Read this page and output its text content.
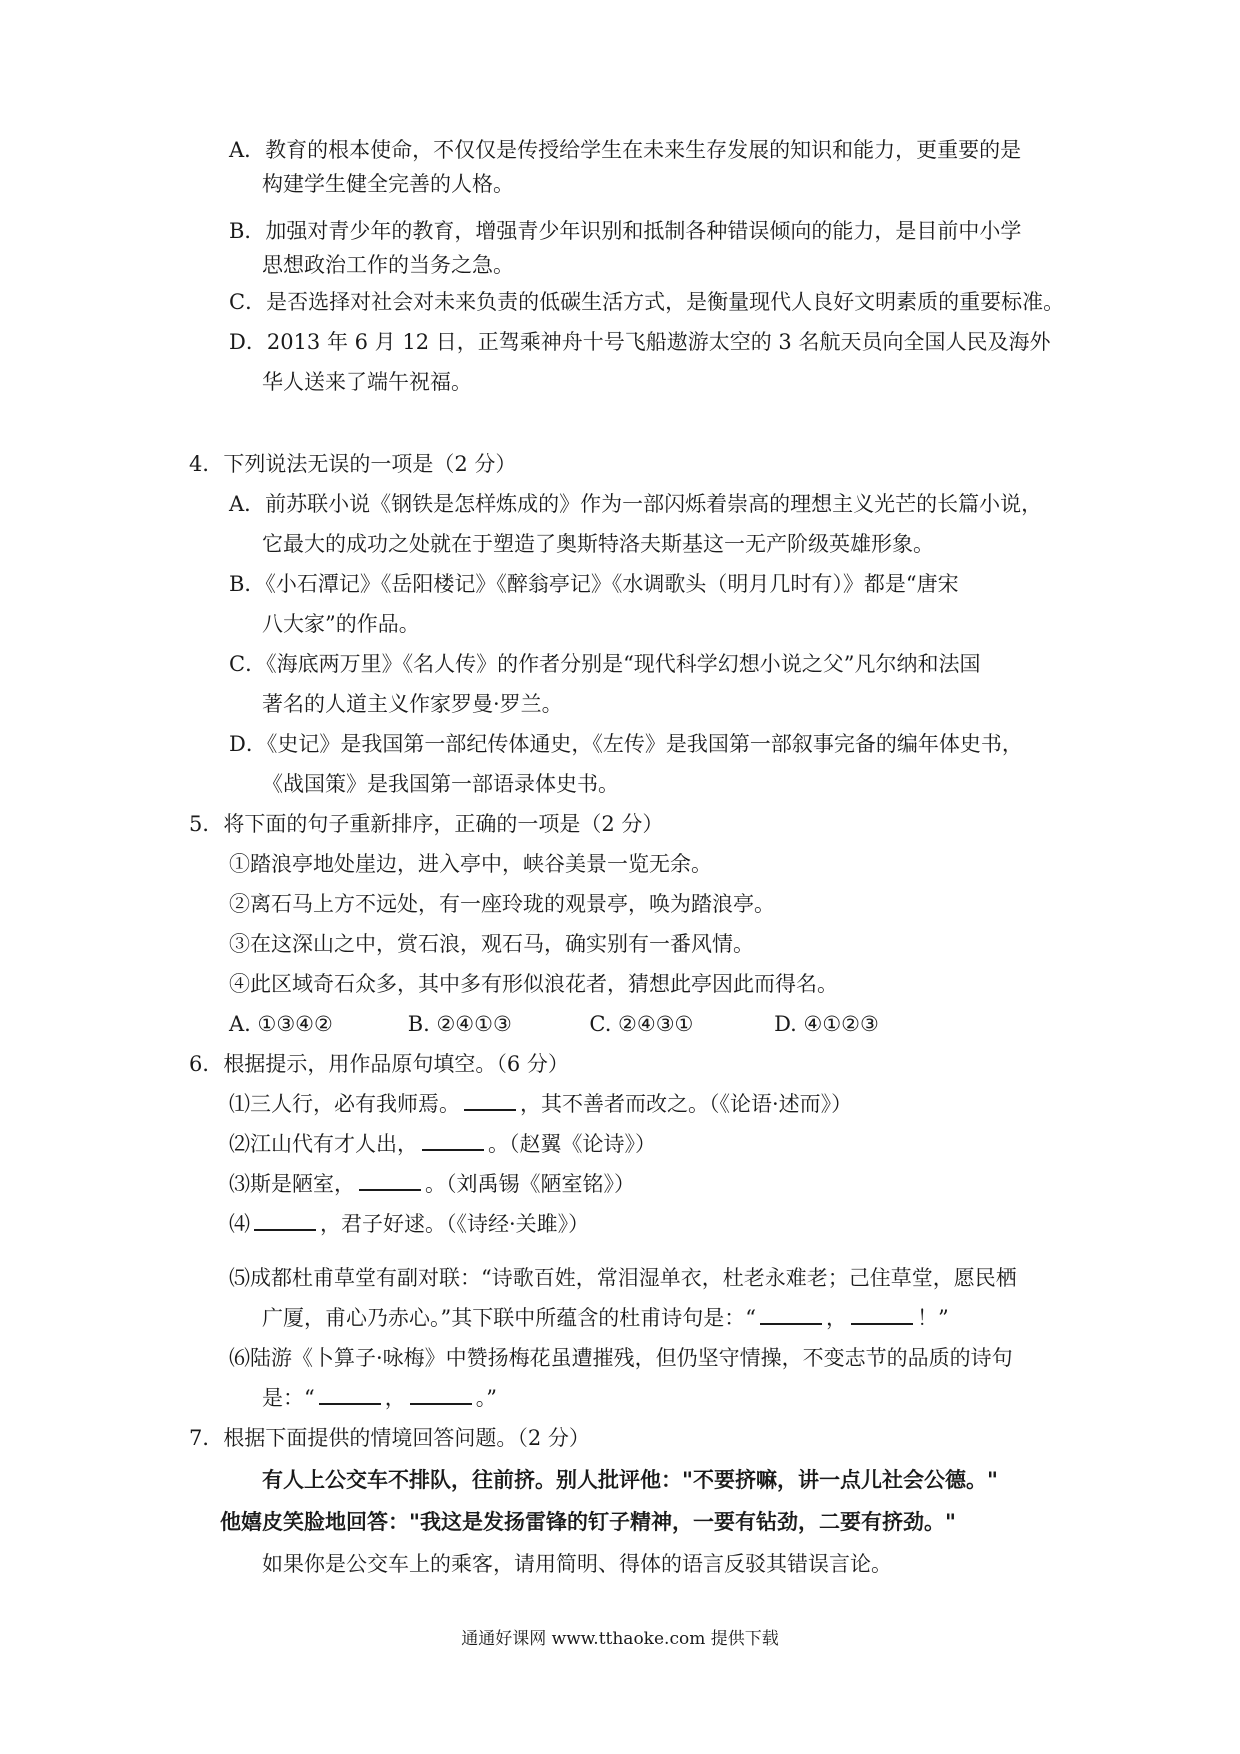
A．教育的根本使命，不仅仅是传授给学生在未来生存发展的知识和能力，更重要的是
构建学生健全完善的人格。
B．加强对青少年的教育，增强青少年识别和抵制各种错误倾向的能力，是目前中小学
思想政治工作的当务之急。
C．是否选择对社会对未来负责的低碳生活方式，是衡量现代人良好文明素质的重要标准。
D．2013 年 6 月 12 日，正驾乘神舟十号飞船遨游太空的 3 名航天员向全国人民及海外
华人送来了端午祝福。
4．下列说法无误的一项是（2 分）
A．前苏联小说《钢铁是怎样炼成的》作为一部闪烁着崇高的理想主义光芒的长篇小说，
它最大的成功之处就在于塑造了奥斯特洛夫斯基这一无产阶级英雄形象。
B．《小石潭记》《岳阳楼记》《醉翁亭记》《水调歌头（明月几时有）》都是“唐宋
八大家”的作品。
C．《海底两万里》《名人传》的作者分别是“现代科学幻想小说之父”凡尔纳和法国
著名的人道主义作家罗曼·罗兰。
D．《史记》是我国第一部纪传体通史，《左传》是我国第一部叙事完备的编年体史书，
《战国策》是我国第一部语录体史书。
5．将下面的句子重新排序，正确的一项是（2 分）
①踏浪亭地处崖边，进入亭中，峡谷美景一览无余。
②离石马上方不远处，有一座玲珑的观景亭，唤为踏浪亭。
③在这深山之中，赏石浪，观石马，确实别有一番风情。
④此区域奇石众多，其中多有形似浪花者，猜想此亭因此而得名。
A. ①③④②	B. ②④①③	C. ②④③①	D. ④①②③
6．根据提示，用作品原句填空。（6 分）
⑴三人行，必有我师焉。	，其不善者而改之。（《论语·述而》）
⑵江山代有才人出，	。（赵翼《论诗》）
⑶斯是陋室，	。（刘禹锡《陋室铭》）
⑷	，君子好逑。（《诗经·关雎》）
⑸成都杜甫草堂有副对联：“诗歌百姓，常泪湿单衣，杜老永难老；己住草堂，愿民栖
广厦，甫心乃赤心。”其下联中所蕴含的杜甫诗句是：“	，	！”
⑹陆游《卜算子·咏梅》中赞扬梅花虽遭摧残，但仍坚守情操，不变志节的品质的诗句
是：“	，	。”
7．根据下面提供的情境回答问题。（2 分）
有人上公交车不排队，往前挤。别人批评他："不要挤嘛，讲一点儿社会公德。"
他嬉皮笑脸地回答："我这是发扬雷锋的钉子精神，一要有钻劲，二要有挤劲。"
如果你是公交车上的乘客，请用简明、得体的语言反驳其错误言论。
通通好课网 www.tthaoke.com 提供下载
